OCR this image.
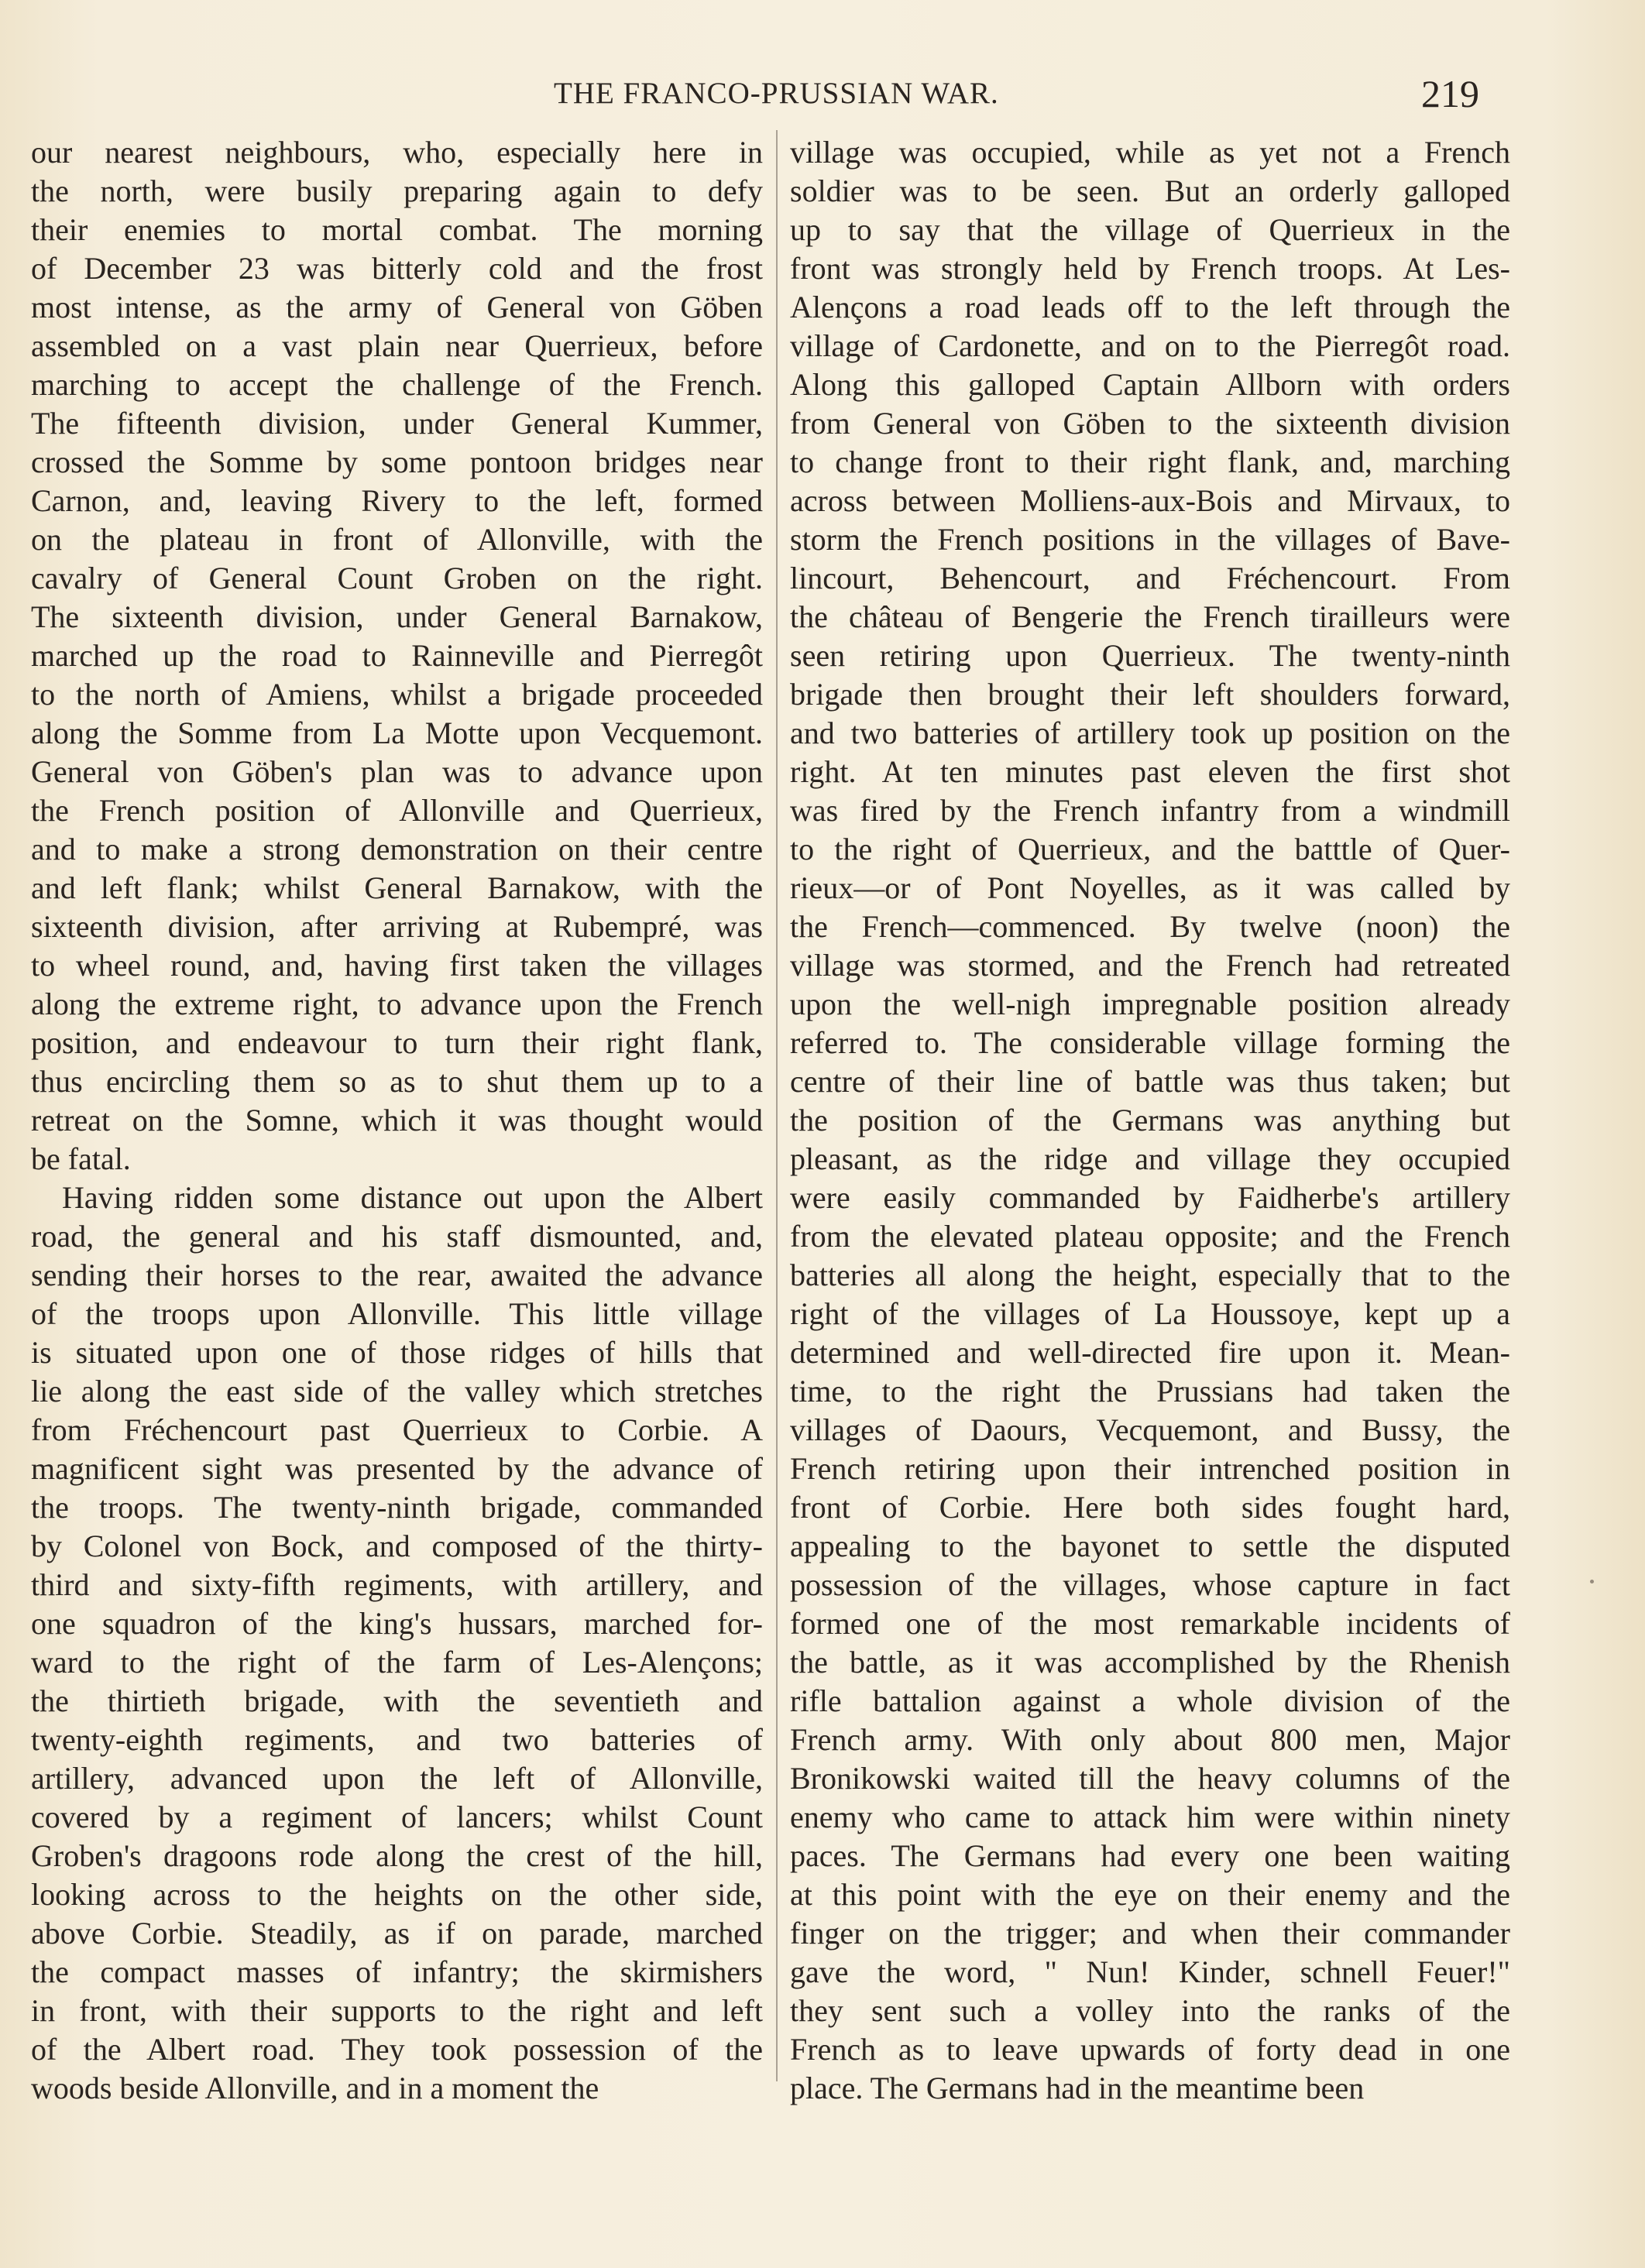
THE FRANCO-PRUSSIAN WAR.	219
our nearest neighbours, who, especially here in
the north, were busily preparing again to defy
their enemies to mortal combat. The morning
of December 23 was bitterly cold and the frost
most intense, as the army of General von Göben
assembled on a vast plain near Querrieux, before
marching to accept the challenge of the French.
The fifteenth division, under General Kummer,
crossed the Somme by some pontoon bridges near
Carnon, and, leaving Rivery to the left, formed
on the plateau in front of Allonville, with the
cavalry of General Count Groben on the right.
The sixteenth division, under General Barnakow,
marched up the road to Rainneville and Pierregôt
to the north of Amiens, whilst a brigade proceeded
along the Somme from La Motte upon Vecquemont.
General von Göben's plan was to advance upon
the French position of Allonville and Querrieux,
and to make a strong demonstration on their centre
and left flank; whilst General Barnakow, with the
sixteenth division, after arriving at Rubempré, was
to wheel round, and, having first taken the villages
along the extreme right, to advance upon the French
position, and endeavour to turn their right flank,
thus encircling them so as to shut them up to a
retreat on the Somne, which it was thought would
be fatal.
Having ridden some distance out upon the Albert
road, the general and his staff dismounted, and,
sending their horses to the rear, awaited the advance
of the troops upon Allonville. This little village
is situated upon one of those ridges of hills that
lie along the east side of the valley which stretches
from Fréchencourt past Querrieux to Corbie. A
magnificent sight was presented by the advance of
the troops. The twenty-ninth brigade, commanded
by Colonel von Bock, and composed of the thirty-
third and sixty-fifth regiments, with artillery, and
one squadron of the king's hussars, marched for-
ward to the right of the farm of Les-Alençons;
the thirtieth brigade, with the seventieth and
twenty-eighth regiments, and two batteries of
artillery, advanced upon the left of Allonville,
covered by a regiment of lancers; whilst Count
Groben's dragoons rode along the crest of the hill,
looking across to the heights on the other side,
above Corbie. Steadily, as if on parade, marched
the compact masses of infantry; the skirmishers
in front, with their supports to the right and left
of the Albert road. They took possession of the
woods beside Allonville, and in a moment the
village was occupied, while as yet not a French
soldier was to be seen. But an orderly galloped
up to say that the village of Querrieux in the
front was strongly held by French troops. At Les-
Alençons a road leads off to the left through the
village of Cardonette, and on to the Pierregôt road.
Along this galloped Captain Allborn with orders
from General von Göben to the sixteenth division
to change front to their right flank, and, marching
across between Molliens-aux-Bois and Mirvaux, to
storm the French positions in the villages of Bave-
lincourt, Behencourt, and Fréchencourt. From
the château of Bengerie the French tirailleurs were
seen retiring upon Querrieux. The twenty-ninth
brigade then brought their left shoulders forward,
and two batteries of artillery took up position on the
right. At ten minutes past eleven the first shot
was fired by the French infantry from a windmill
to the right of Querrieux, and the batttle of Quer-
rieux—or of Pont Noyelles, as it was called by
the French—commenced. By twelve (noon) the
village was stormed, and the French had retreated
upon the well-nigh impregnable position already
referred to. The considerable village forming the
centre of their line of battle was thus taken; but
the position of the Germans was anything but
pleasant, as the ridge and village they occupied
were easily commanded by Faidherbe's artillery
from the elevated plateau opposite; and the French
batteries all along the height, especially that to the
right of the villages of La Houssoye, kept up a
determined and well-directed fire upon it. Mean-
time, to the right the Prussians had taken the
villages of Daours, Vecquemont, and Bussy, the
French retiring upon their intrenched position in
front of Corbie. Here both sides fought hard,
appealing to the bayonet to settle the disputed
possession of the villages, whose capture in fact
formed one of the most remarkable incidents of
the battle, as it was accomplished by the Rhenish
rifle battalion against a whole division of the
French army. With only about 800 men, Major
Bronikowski waited till the heavy columns of the
enemy who came to attack him were within ninety
paces. The Germans had every one been waiting
at this point with the eye on their enemy and the
finger on the trigger; and when their commander
gave the word, " Nun! Kinder, schnell Feuer!"
they sent such a volley into the ranks of the
French as to leave upwards of forty dead in one
place. The Germans had in the meantime been
